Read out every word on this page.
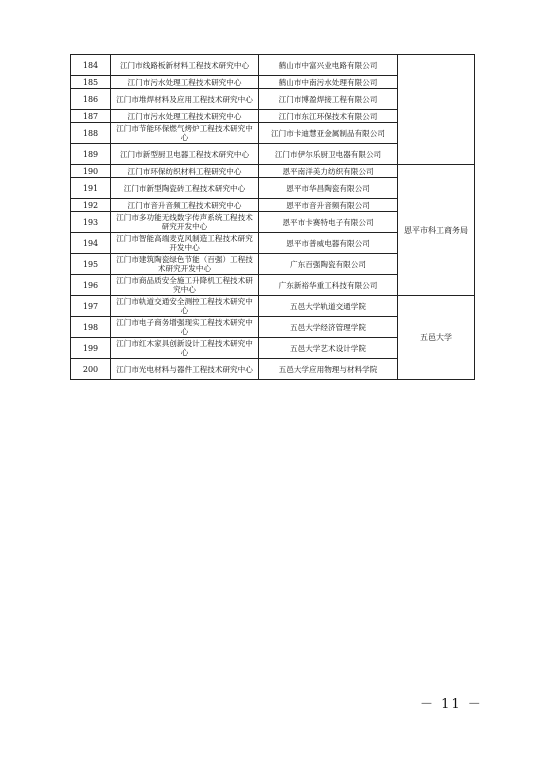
184	江门市线路板新材料工程技术研究中心	鹤山市中富兴业电路有限公司	
185	江门市污水处理工程技术研究中心	鹤山市中南污水处理有限公司	
186	江门市堆焊材料及应用工程技术研究中心	江门市博盈焊接工程有限公司	
187	江门市污水处理工程技术研究中心	江门市东江环保技术有限公司	
188	江门市节能环保燃气烤炉工程技术研究中心	江门市卡迪慧亚金属制品有限公司	
189	江门市新型厨卫电器工程技术研究中心	江门市伊尔乐厨卫电器有限公司	
190	江门市环保纺织材料工程研究中心	恩平南洋美力纺织有限公司	恩平市科工商务局
191	江门市新型陶瓷砖工程技术研究中心	恩平市华昌陶瓷有限公司	
192	江门市音升音频工程技术研究中心	恩平市音升音频有限公司	
193	江门市多功能无线数字传声系统工程技术研究开发中心	恩平市卡赛特电子有限公司	
194	江门市智能高端麦克风制造工程技术研究开发中心	恩平市普威电器有限公司	
195	江门市建筑陶瓷绿色节能（百强）工程技术研究开发中心	广东百强陶瓷有限公司	
196	江门市商品质安全施工升降机工程技术研究中心	广东新裕华重工科技有限公司	
197	江门市轨道交通安全测控工程技术研究中心	五邑大学轨道交通学院	五邑大学
198	江门市电子商务增强现实工程技术研究中心	五邑大学经济管理学院	
199	江门市红木家具创新设计工程技术研究中心	五邑大学艺术设计学院	
200	江门市光电材料与器件工程技术研究中心	五邑大学应用物理与材料学院	
－ 11 －
